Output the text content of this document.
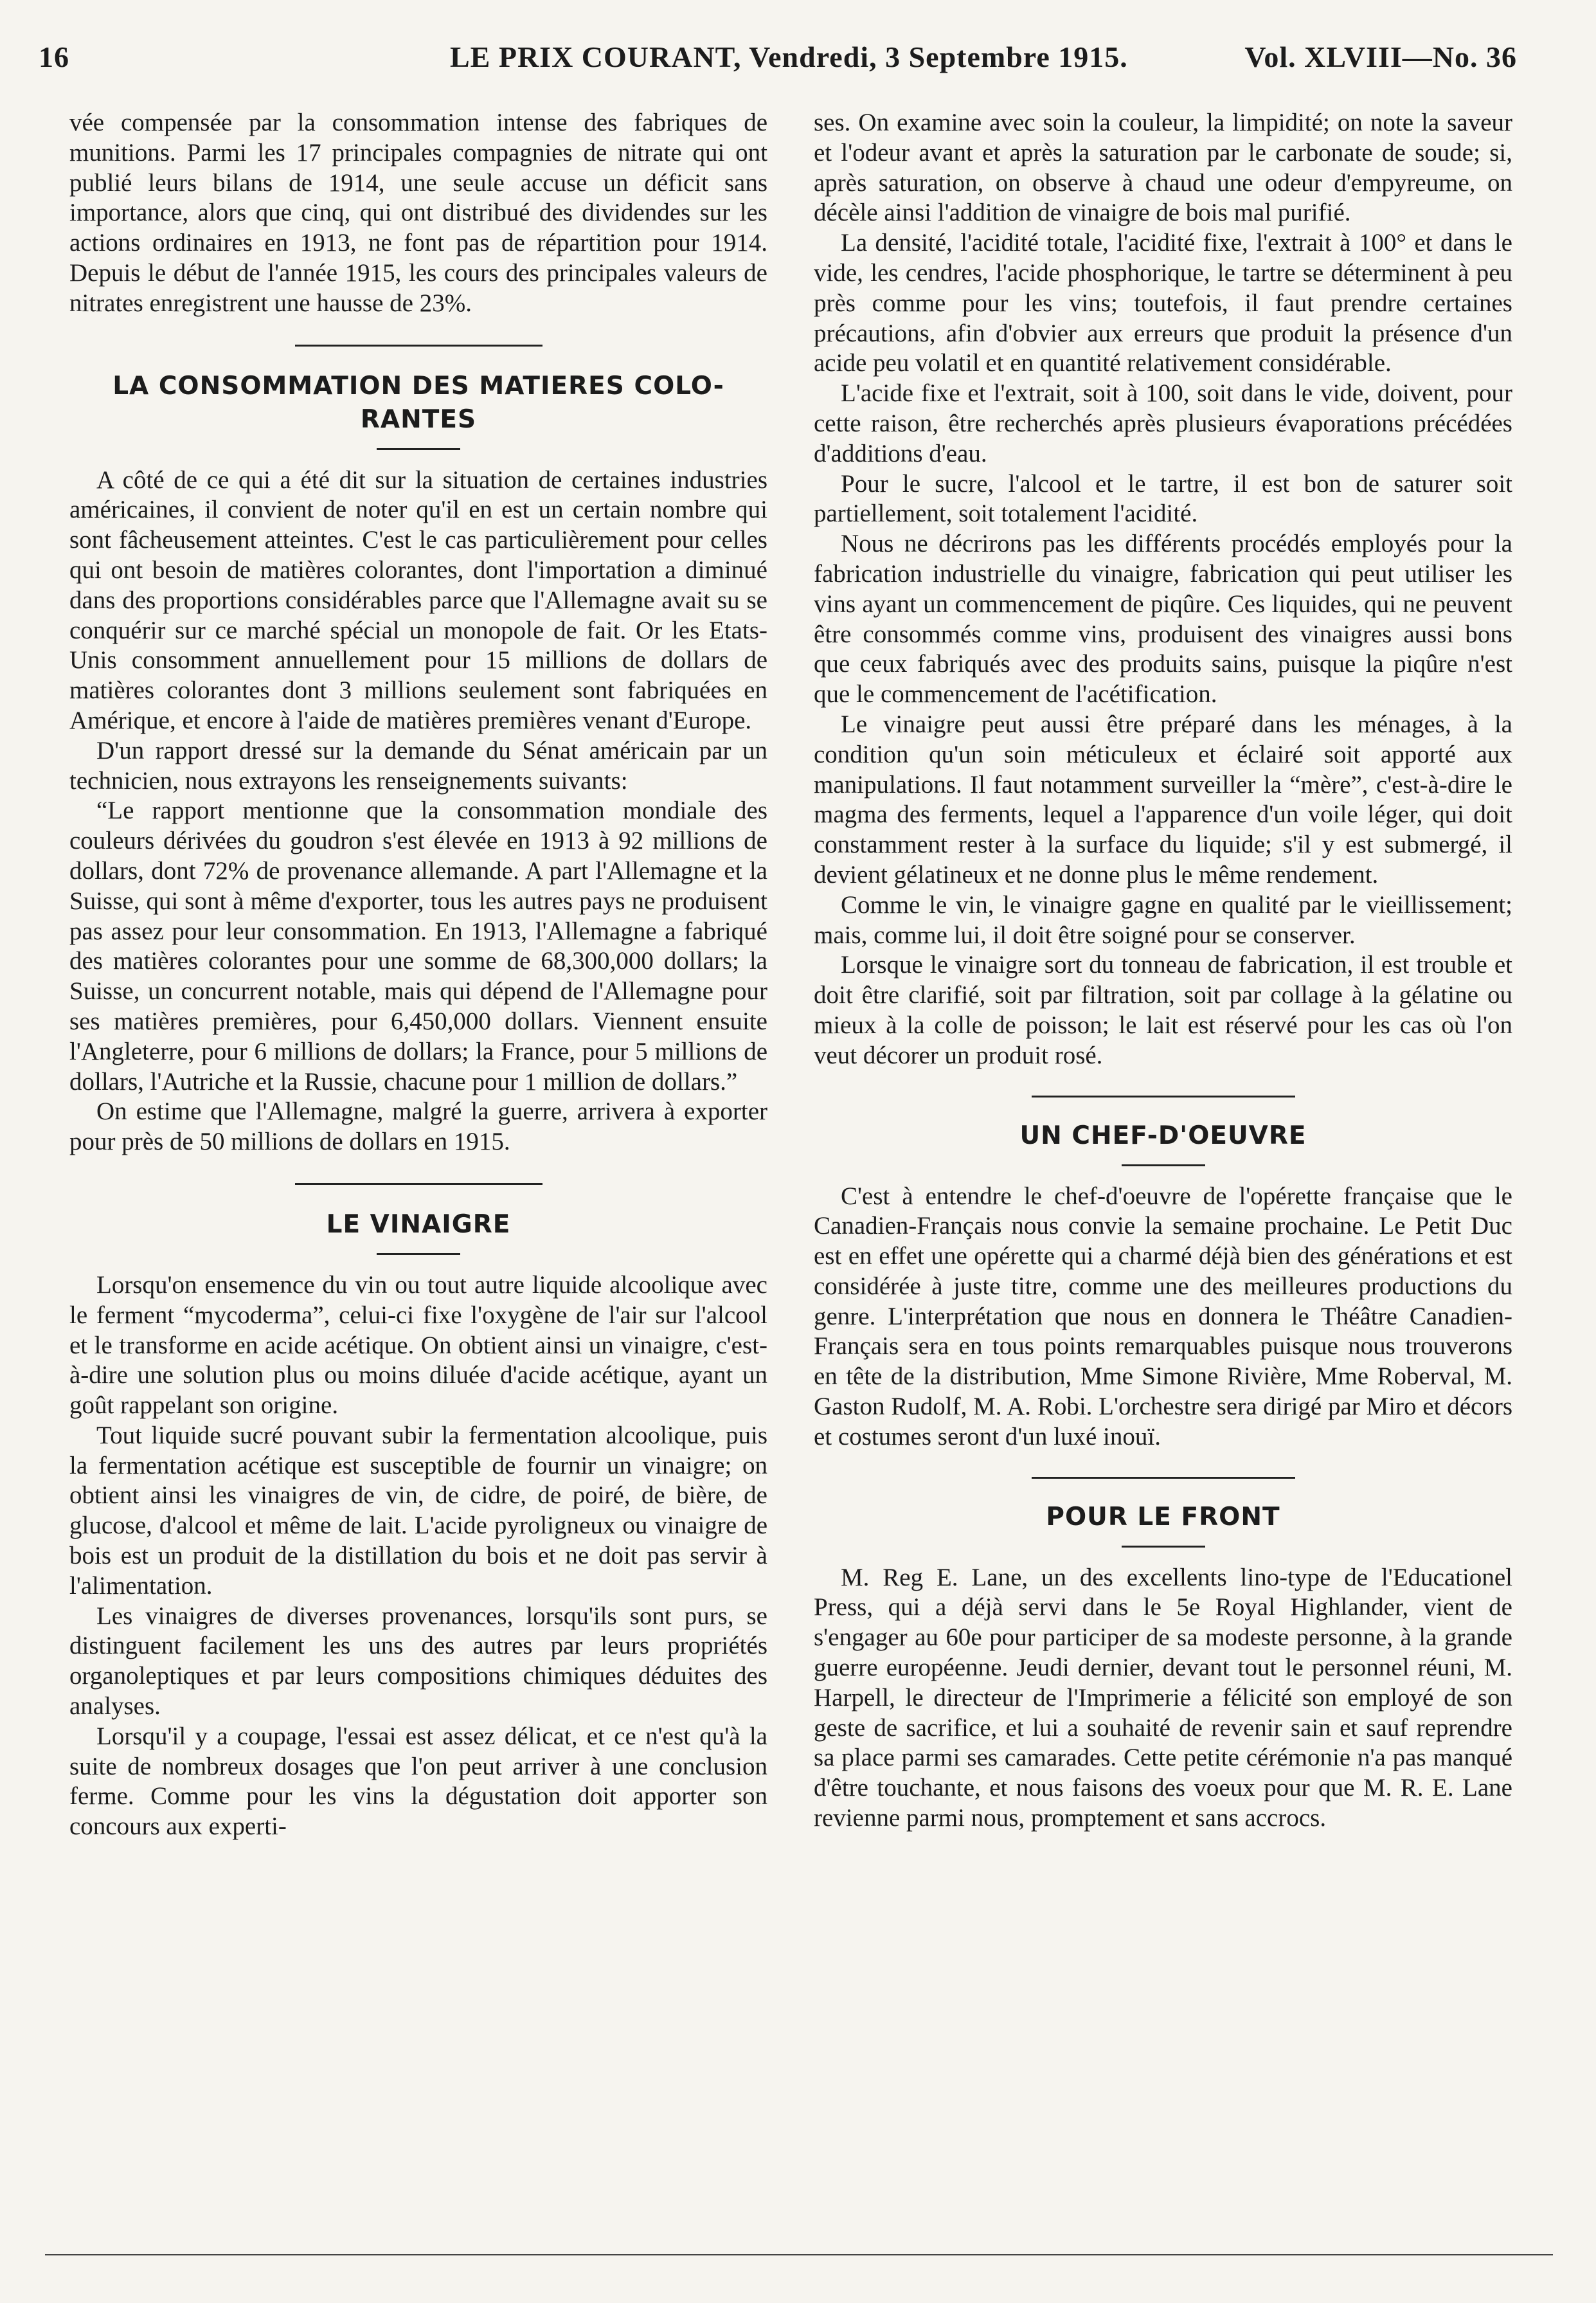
16	LE PRIX COURANT, Vendredi, 3 Septembre 1915.	Vol. XLVIII—No. 36

vée compensée par la consommation intense des fabriques de munitions. Parmi les 17 principales compagnies de nitrate qui ont publié leurs bilans de 1914, une seule accuse un déficit sans importance, alors que cinq, qui ont distribué des dividendes sur les actions ordinaires en 1913, ne font pas de répartition pour 1914. Depuis le début de l'année 1915, les cours des principales valeurs de nitrates enregistrent une hausse de 23%.

LA CONSOMMATION DES MATIERES COLO-
RANTES

A côté de ce qui a été dit sur la situation de certaines industries américaines, il convient de noter qu'il en est un certain nombre qui sont fâcheusement atteintes. C'est le cas particulièrement pour celles qui ont besoin de matières colorantes, dont l'importation a diminué dans des proportions considérables parce que l'Allemagne avait su se conquérir sur ce marché spécial un monopole de fait. Or les Etats-Unis consomment annuellement pour 15 millions de dollars de matières colorantes dont 3 millions seulement sont fabriquées en Amérique, et encore à l'aide de matières premières venant d'Europe.

D'un rapport dressé sur la demande du Sénat américain par un technicien, nous extrayons les renseignements suivants:

“Le rapport mentionne que la consommation mondiale des couleurs dérivées du goudron s'est élevée en 1913 à 92 millions de dollars, dont 72% de provenance allemande. A part l'Allemagne et la Suisse, qui sont à même d'exporter, tous les autres pays ne produisent pas assez pour leur consommation. En 1913, l'Allemagne a fabriqué des matières colorantes pour une somme de 68,300,000 dollars; la Suisse, un concurrent notable, mais qui dépend de l'Allemagne pour ses matières premières, pour 6,450,000 dollars. Viennent ensuite l'Angleterre, pour 6 millions de dollars; la France, pour 5 millions de dollars, l'Autriche et la Russie, chacune pour 1 million de dollars.”

On estime que l'Allemagne, malgré la guerre, arrivera à exporter pour près de 50 millions de dollars en 1915.

LE VINAIGRE

Lorsqu'on ensemence du vin ou tout autre liquide alcoolique avec le ferment “mycoderma”, celui-ci fixe l'oxygène de l'air sur l'alcool et le transforme en acide acétique. On obtient ainsi un vinaigre, c'est-à-dire une solution plus ou moins diluée d'acide acétique, ayant un goût rappelant son origine.

Tout liquide sucré pouvant subir la fermentation alcoolique, puis la fermentation acétique est susceptible de fournir un vinaigre; on obtient ainsi les vinaigres de vin, de cidre, de poiré, de bière, de glucose, d'alcool et même de lait. L'acide pyroligneux ou vinaigre de bois est un produit de la distillation du bois et ne doit pas servir à l'alimentation.

Les vinaigres de diverses provenances, lorsqu'ils sont purs, se distinguent facilement les uns des autres par leurs propriétés organoleptiques et par leurs compositions chimiques déduites des analyses.

Lorsqu'il y a coupage, l'essai est assez délicat, et ce n'est qu'à la suite de nombreux dosages que l'on peut arriver à une conclusion ferme. Comme pour les vins la dégustation doit apporter son concours aux experti-

ses. On examine avec soin la couleur, la limpidité; on note la saveur et l'odeur avant et après la saturation par le carbonate de soude; si, après saturation, on observe à chaud une odeur d'empyreume, on décèle ainsi l'addition de vinaigre de bois mal purifié.

La densité, l'acidité totale, l'acidité fixe, l'extrait à 100° et dans le vide, les cendres, l'acide phosphorique, le tartre se déterminent à peu près comme pour les vins; toutefois, il faut prendre certaines précautions, afin d'obvier aux erreurs que produit la présence d'un acide peu volatil et en quantité relativement considérable.

L'acide fixe et l'extrait, soit à 100, soit dans le vide, doivent, pour cette raison, être recherchés après plusieurs évaporations précédées d'additions d'eau.

Pour le sucre, l'alcool et le tartre, il est bon de saturer soit partiellement, soit totalement l'acidité.

Nous ne décrirons pas les différents procédés employés pour la fabrication industrielle du vinaigre, fabrication qui peut utiliser les vins ayant un commencement de piqûre. Ces liquides, qui ne peuvent être consommés comme vins, produisent des vinaigres aussi bons que ceux fabriqués avec des produits sains, puisque la piqûre n'est que le commencement de l'acétification.

Le vinaigre peut aussi être préparé dans les ménages, à la condition qu'un soin méticuleux et éclairé soit apporté aux manipulations. Il faut notamment surveiller la “mère”, c'est-à-dire le magma des ferments, lequel a l'apparence d'un voile léger, qui doit constamment rester à la surface du liquide; s'il y est submergé, il devient gélatineux et ne donne plus le même rendement.

Comme le vin, le vinaigre gagne en qualité par le vieillissement; mais, comme lui, il doit être soigné pour se conserver.

Lorsque le vinaigre sort du tonneau de fabrication, il est trouble et doit être clarifié, soit par filtration, soit par collage à la gélatine ou mieux à la colle de poisson; le lait est réservé pour les cas où l'on veut décorer un produit rosé.

UN CHEF-D'OEUVRE

C'est à entendre le chef-d'oeuvre de l'opérette française que le Canadien-Français nous convie la semaine prochaine. Le Petit Duc est en effet une opérette qui a charmé déjà bien des générations et est considérée à juste titre, comme une des meilleures productions du genre. L'interprétation que nous en donnera le Théâtre Canadien-Français sera en tous points remarquables puisque nous trouverons en tête de la distribution, Mme Simone Rivière, Mme Roberval, M. Gaston Rudolf, M. A. Robi. L'orchestre sera dirigé par Miro et décors et costumes seront d'un luxé inouï.

POUR LE FRONT

M. Reg E. Lane, un des excellents lino-type de l'Educationel Press, qui a déjà servi dans le 5e Royal Highlander, vient de s'engager au 60e pour participer de sa modeste personne, à la grande guerre européenne. Jeudi dernier, devant tout le personnel réuni, M. Harpell, le directeur de l'Imprimerie a félicité son employé de son geste de sacrifice, et lui a souhaité de revenir sain et sauf reprendre sa place parmi ses camarades. Cette petite cérémonie n'a pas manqué d'être touchante, et nous faisons des voeux pour que M. R. E. Lane revienne parmi nous, promptement et sans accrocs.
